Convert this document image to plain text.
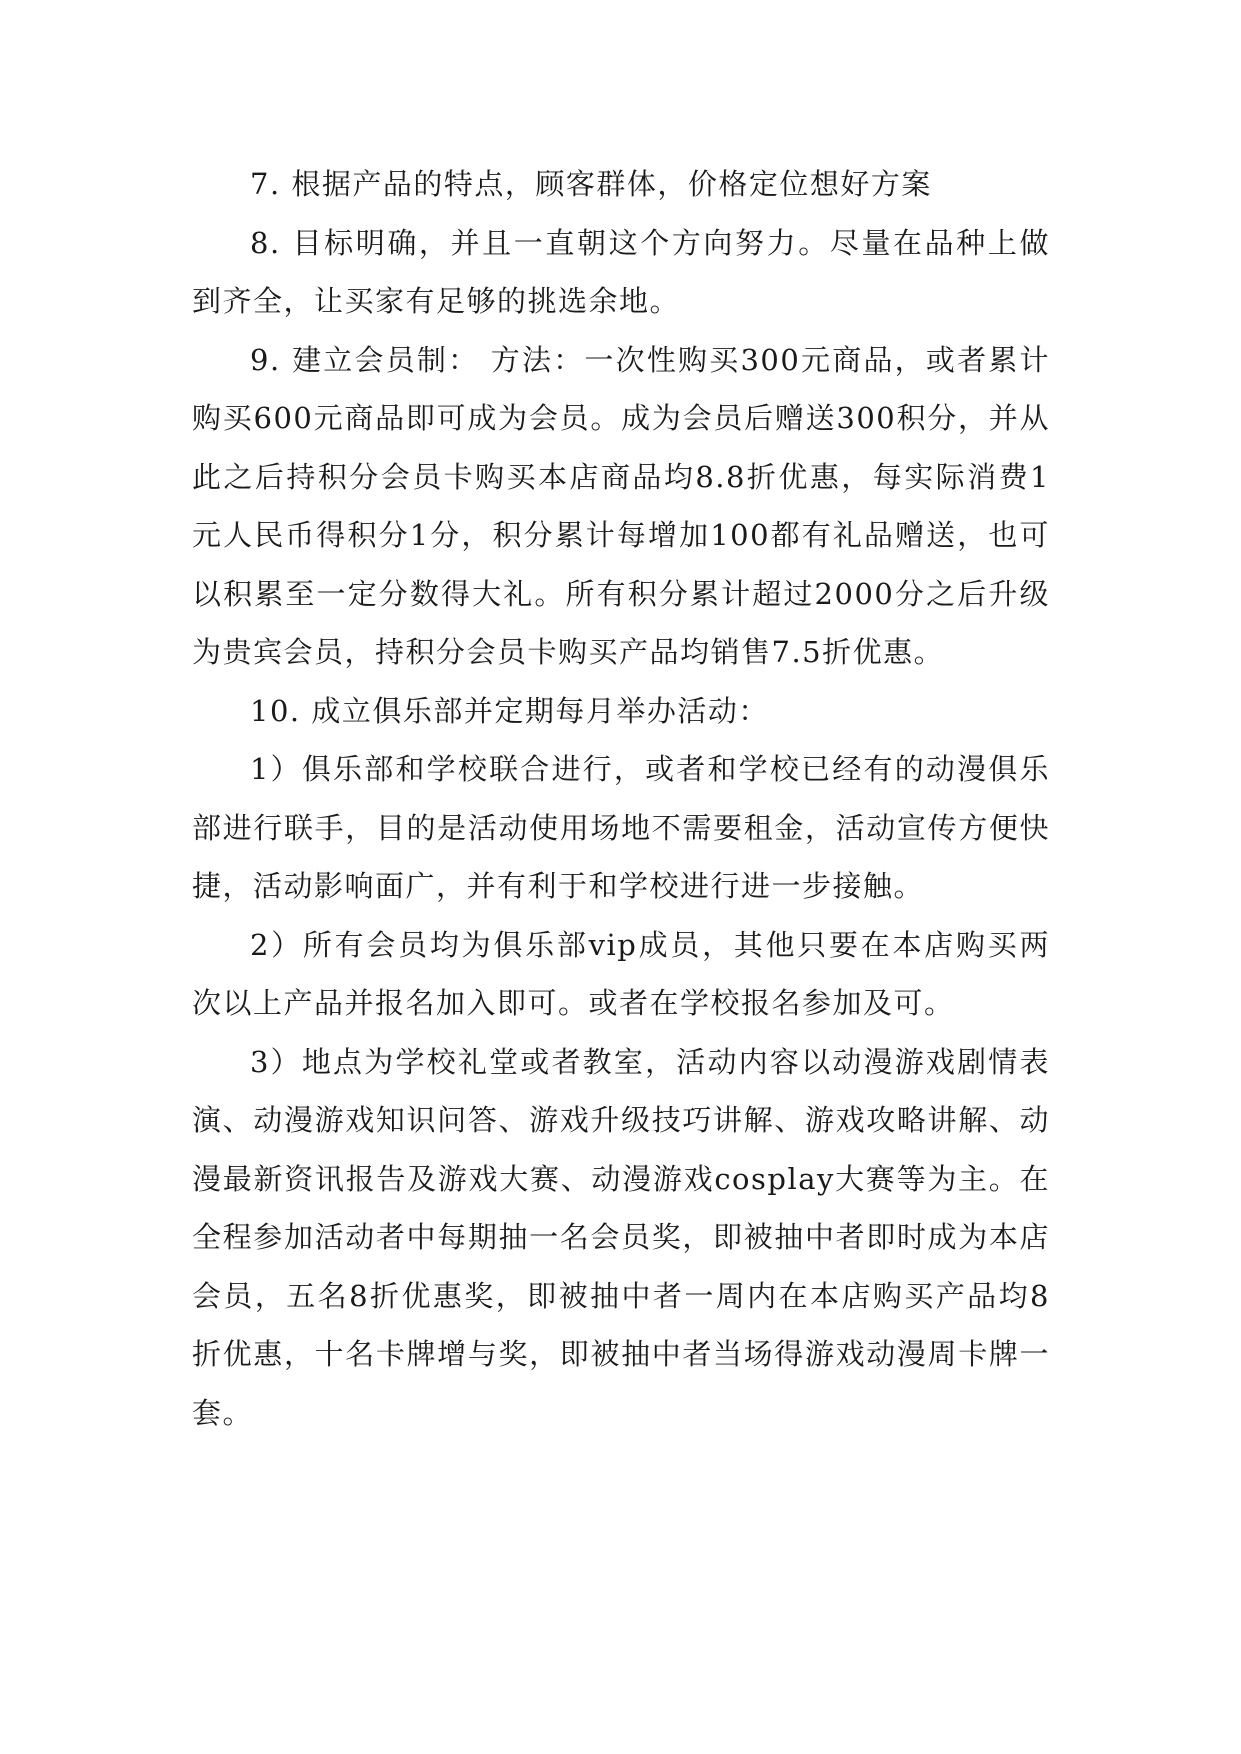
7. 根据产品的特点，顾客群体，价格定位想好方案

8. 目标明确，并且一直朝这个方向努力。尽量在品种上做到齐全，让买家有足够的挑选余地。

9. 建立会员制： 方法：一次性购买300元商品，或者累计购买600元商品即可成为会员。成为会员后赠送300积分，并从此之后持积分会员卡购买本店商品均8.8折优惠，每实际消费1元人民币得积分1分，积分累计每增加100都有礼品赠送，也可以积累至一定分数得大礼。所有积分累计超过2000分之后升级为贵宾会员，持积分会员卡购买产品均销售7.5折优惠。

10. 成立俱乐部并定期每月举办活动：

1）俱乐部和学校联合进行，或者和学校已经有的动漫俱乐部进行联手，目的是活动使用场地不需要租金，活动宣传方便快捷，活动影响面广，并有利于和学校进行进一步接触。

2）所有会员均为俱乐部vip成员，其他只要在本店购买两次以上产品并报名加入即可。或者在学校报名参加及可。

3）地点为学校礼堂或者教室，活动内容以动漫游戏剧情表演、动漫游戏知识问答、游戏升级技巧讲解、游戏攻略讲解、动漫最新资讯报告及游戏大赛、动漫游戏cosplay大赛等为主。在全程参加活动者中每期抽一名会员奖，即被抽中者即时成为本店会员，五名8折优惠奖，即被抽中者一周内在本店购买产品均8折优惠，十名卡牌增与奖，即被抽中者当场得游戏动漫周卡牌一套。
